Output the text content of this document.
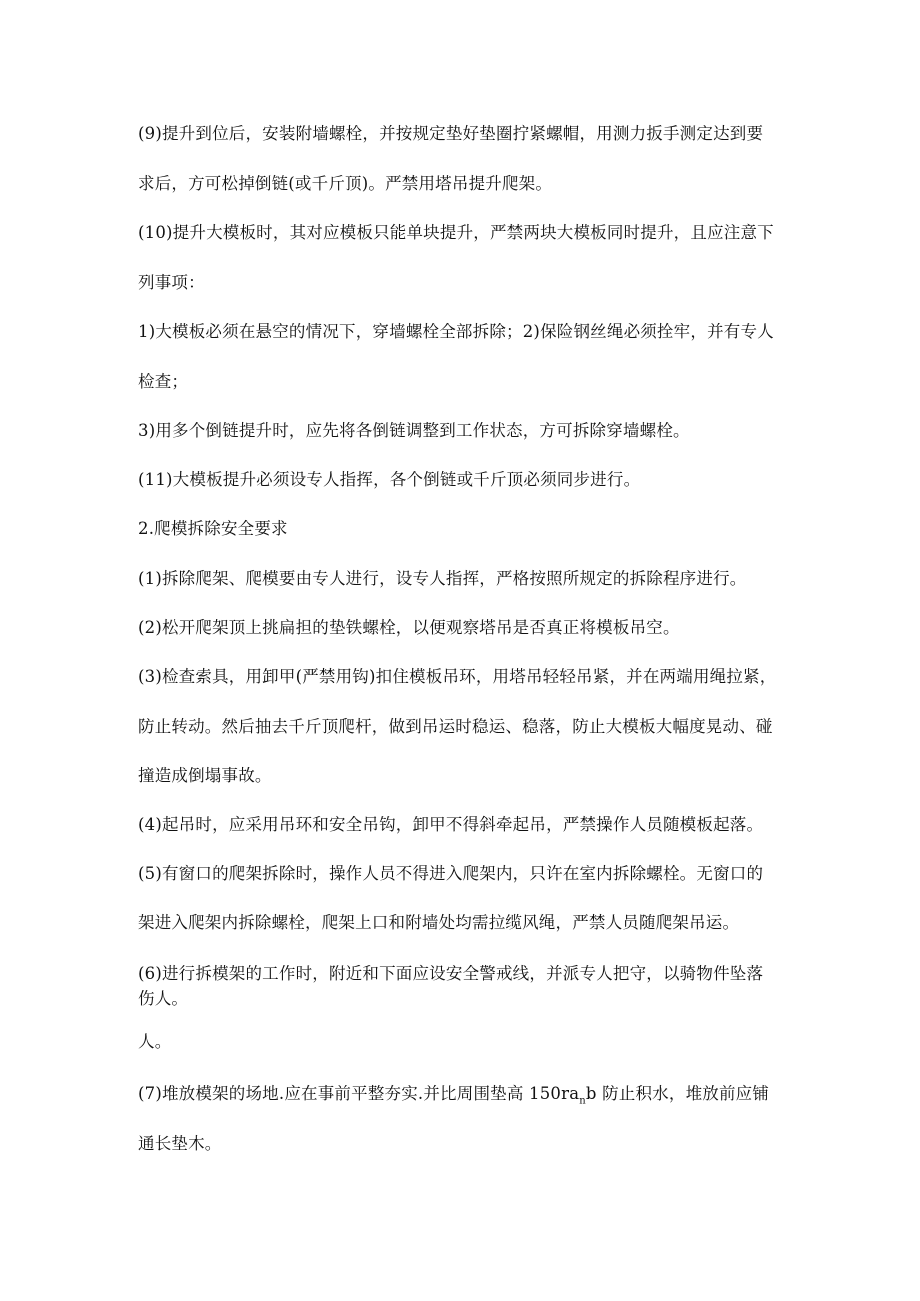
(9)提升到位后，安装附墙螺栓，并按规定垫好垫圈拧紧螺帽，用测力扳手测定达到要
求后，方可松掉倒链(或千斤顶)。严禁用塔吊提升爬架。
(10)提升大模板时，其对应模板只能单块提升，严禁两块大模板同时提升，且应注意下
列事项：
1)大模板必须在悬空的情况下，穿墙螺栓全部拆除；2)保险钢丝绳必须拴牢，并有专人
检查；
3)用多个倒链提升时，应先将各倒链调整到工作状态，方可拆除穿墙螺栓。
(11)大模板提升必须设专人指挥，各个倒链或千斤顶必须同步进行。
2.爬模拆除安全要求
(1)拆除爬架、爬模要由专人进行，设专人指挥，严格按照所规定的拆除程序进行。
(2)松开爬架顶上挑扁担的垫铁螺栓，以便观察塔吊是否真正将模板吊空。
(3)检查索具，用卸甲(严禁用钩)扣住模板吊环，用塔吊轻轻吊紧，并在两端用绳拉紧，
防止转动。然后抽去千斤顶爬杆，做到吊运时稳运、稳落，防止大模板大幅度晃动、碰
撞造成倒塌事故。
(4)起吊时，应采用吊环和安全吊钩，卸甲不得斜牵起吊，严禁操作人员随模板起落。
(5)有窗口的爬架拆除时，操作人员不得进入爬架内，只许在室内拆除螺栓。无窗口的
架进入爬架内拆除螺栓，爬架上口和附墙处均需拉缆风绳，严禁人员随爬架吊运。
(6)进行拆模架的工作时，附近和下面应设安全警戒线，并派专人把守，以骑物件坠落
伤人。
人。
(7)堆放模架的场地.应在事前平整夯实.并比周围垫高 $150ra_nb$ 防止积水，堆放前应铺
通长垫木。
